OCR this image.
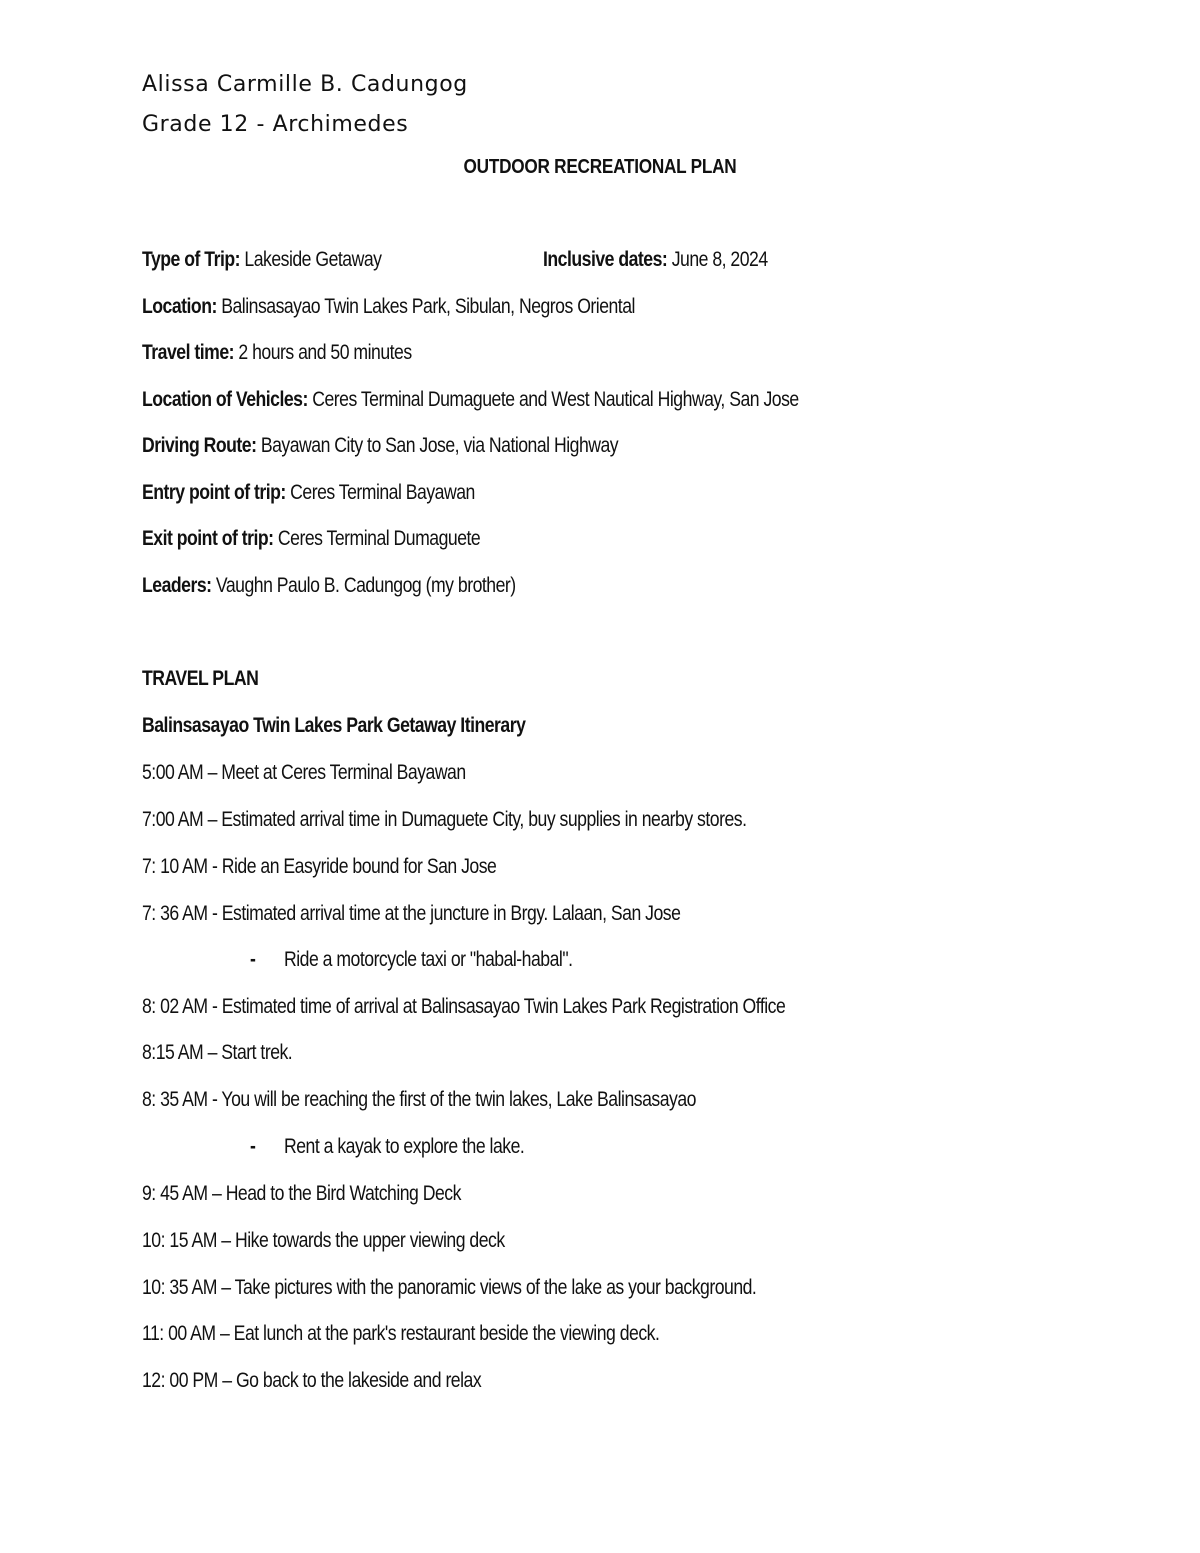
Alissa Carmille B. Cadungog
Grade 12 - Archimedes
OUTDOOR RECREATIONAL PLAN
Type of Trip: Lakeside Getaway	Inclusive dates: June 8, 2024
Location: Balinsasayao Twin Lakes Park, Sibulan, Negros Oriental
Travel time: 2 hours and 50 minutes
Location of Vehicles: Ceres Terminal Dumaguete and West Nautical Highway, San Jose
Driving Route: Bayawan City to San Jose, via National Highway
Entry point of trip: Ceres Terminal Bayawan
Exit point of trip: Ceres Terminal Dumaguete
Leaders: Vaughn Paulo B. Cadungog (my brother)
TRAVEL PLAN
Balinsasayao Twin Lakes Park Getaway Itinerary
5:00 AM – Meet at Ceres Terminal Bayawan
7:00 AM – Estimated arrival time in Dumaguete City, buy supplies in nearby stores.
7: 10 AM - Ride an Easyride bound for San Jose
7: 36 AM - Estimated arrival time at the juncture in Brgy. Lalaan, San Jose
- Ride a motorcycle taxi or "habal-habal".
8: 02 AM - Estimated time of arrival at Balinsasayao Twin Lakes Park Registration Office
8:15 AM – Start trek.
8: 35 AM - You will be reaching the first of the twin lakes, Lake Balinsasayao
- Rent a kayak to explore the lake.
9: 45 AM – Head to the Bird Watching Deck
10: 15 AM – Hike towards the upper viewing deck
10: 35 AM – Take pictures with the panoramic views of the lake as your background.
11: 00 AM – Eat lunch at the park's restaurant beside the viewing deck.
12: 00 PM – Go back to the lakeside and relax
